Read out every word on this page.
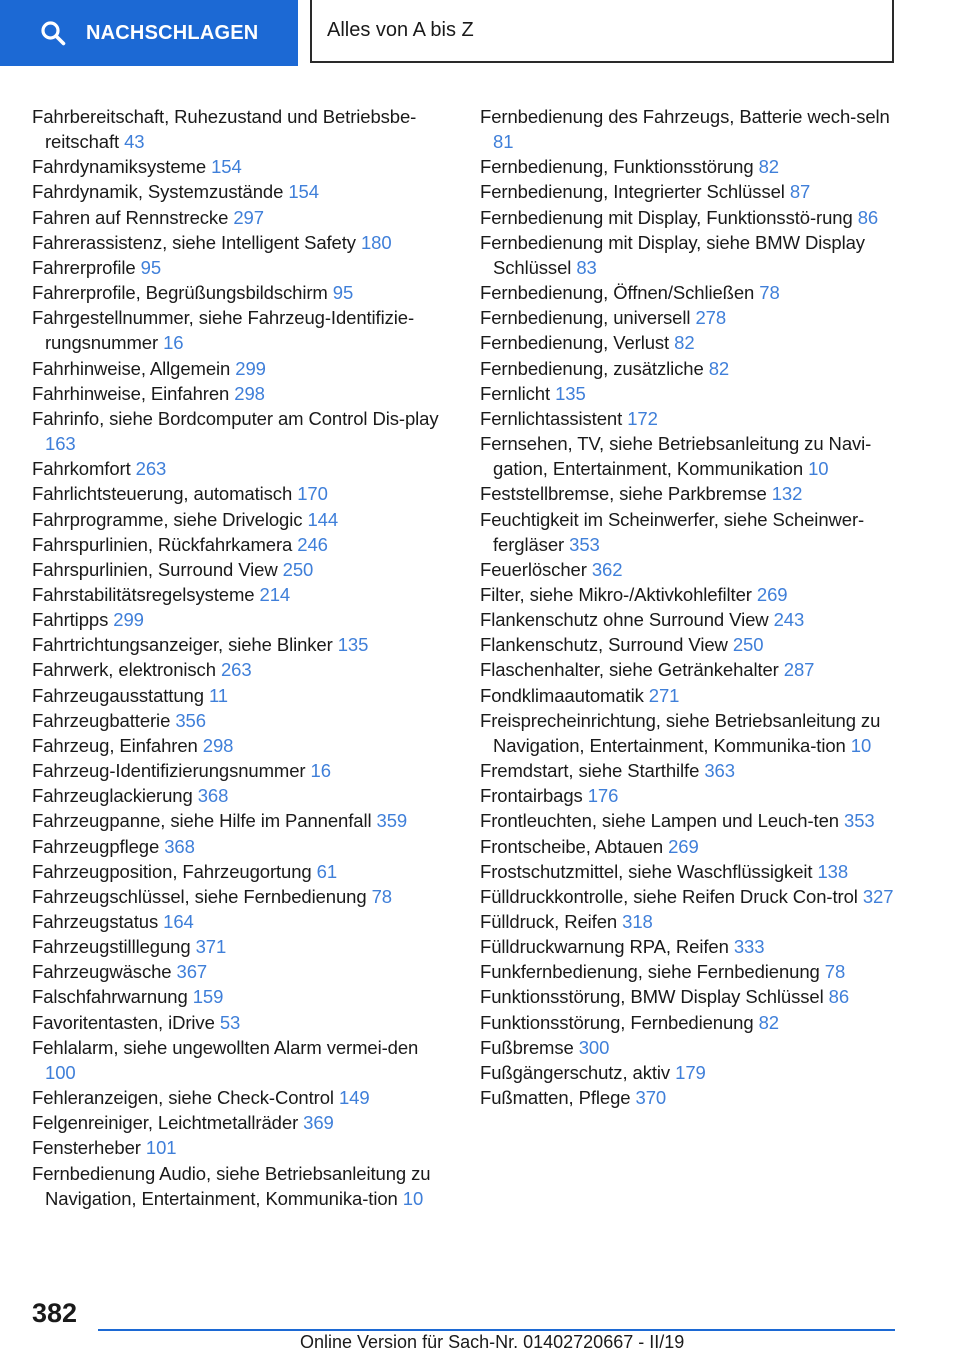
NACHSCHLAGEN	Alles von A bis Z
Fahrbereitschaft, Ruhezustand und Betriebsbe-reitschaft 43
Fahrdynamiksysteme 154
Fahrdynamik, Systemzustände 154
Fahren auf Rennstrecke 297
Fahrerassistenz, siehe Intelligent Safety 180
Fahrerprofile 95
Fahrerprofile, Begrüßungsbildschirm 95
Fahrgestellnummer, siehe Fahrzeug-Identifizie-rungsnummer 16
Fahrhinweise, Allgemein 299
Fahrhinweise, Einfahren 298
Fahrinfo, siehe Bordcomputer am Control Dis-play 163
Fahrkomfort 263
Fahrlichtsteuerung, automatisch 170
Fahrprogramme, siehe Drivelogic 144
Fahrspurlinien, Rückfahrkamera 246
Fahrspurlinien, Surround View 250
Fahrstabilitätsregelsysteme 214
Fahrtipps 299
Fahrtrichtungsanzeiger, siehe Blinker 135
Fahrwerk, elektronisch 263
Fahrzeugausstattung 11
Fahrzeugbatterie 356
Fahrzeug, Einfahren 298
Fahrzeug-Identifizierungsnummer 16
Fahrzeuglackierung 368
Fahrzeugpanne, siehe Hilfe im Pannenfall 359
Fahrzeugpflege 368
Fahrzeugposition, Fahrzeugortung 61
Fahrzeugschlüssel, siehe Fernbedienung 78
Fahrzeugstatus 164
Fahrzeugstilllegung 371
Fahrzeugwäsche 367
Falschfahrwarnung 159
Favoritentasten, iDrive 53
Fehlalarm, siehe ungewollten Alarm vermei-den 100
Fehleranzeigen, siehe Check-Control 149
Felgenreiniger, Leichtmetallräder 369
Fensterheber 101
Fernbedienung Audio, siehe Betriebsanleitung zu Navigation, Entertainment, Kommunika-tion 10
Fernbedienung des Fahrzeugs, Batterie wech-seln 81
Fernbedienung, Funktionsstörung 82
Fernbedienung, Integrierter Schlüssel 87
Fernbedienung mit Display, Funktionsstö-rung 86
Fernbedienung mit Display, siehe BMW Display Schlüssel 83
Fernbedienung, Öffnen/Schließen 78
Fernbedienung, universell 278
Fernbedienung, Verlust 82
Fernbedienung, zusätzliche 82
Fernlicht 135
Fernlichtassistent 172
Fernsehen, TV, siehe Betriebsanleitung zu Navi-gation, Entertainment, Kommunikation 10
Feststellbremse, siehe Parkbremse 132
Feuchtigkeit im Scheinwerfer, siehe Scheinwer-fergläser 353
Feuerlöscher 362
Filter, siehe Mikro-/Aktivkohlefilter 269
Flankenschutz ohne Surround View 243
Flankenschutz, Surround View 250
Flaschenhalter, siehe Getränkehalter 287
Fondklimaautomatik 271
Freisprecheinrichtung, siehe Betriebsanleitung zu Navigation, Entertainment, Kommunika-tion 10
Fremdstart, siehe Starthilfe 363
Frontairbags 176
Frontleuchten, siehe Lampen und Leuch-ten 353
Frontscheibe, Abtauen 269
Frostschutzmittel, siehe Waschflüssigkeit 138
Fülldruckkontrolle, siehe Reifen Druck Con-trol 327
Fülldruck, Reifen 318
Fülldruckwarnung RPA, Reifen 333
Funkfernbedienung, siehe Fernbedienung 78
Funktionsstörung, BMW Display Schlüssel 86
Funktionsstörung, Fernbedienung 82
Fußbremse 300
Fußgängerschutz, aktiv 179
Fußmatten, Pflege 370
382
Online Version für Sach-Nr. 01402720667 - II/19
